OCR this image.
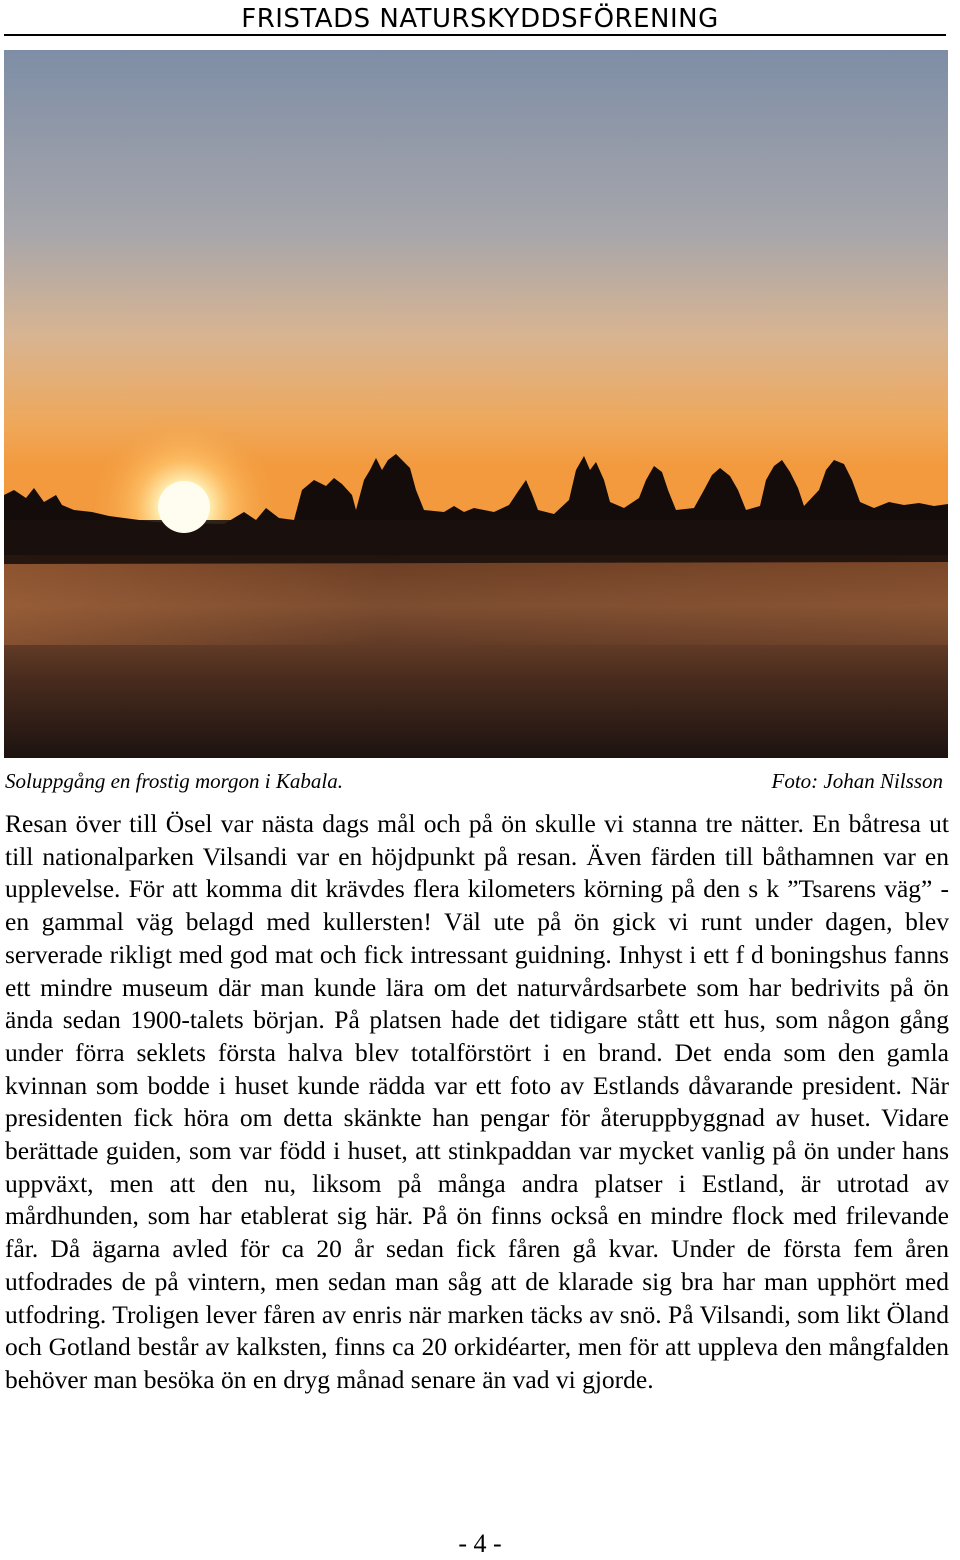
FRISTADS NATURSKYDDSFÖRENING
Soluppgång en frostig morgon i Kabala.	Foto: Johan Nilsson

Resan över till Ösel var nästa dags mål och på ön skulle vi stanna tre nätter. En båtresa ut till nationalparken Vilsandi var en höjdpunkt på resan. Även färden till båthamnen var en upplevelse. För att komma dit krävdes flera kilometers körning på den s k ”Tsarens väg” - en gammal väg belagd med kullersten! Väl ute på ön gick vi runt under dagen, blev serverade rikligt med god mat och fick intressant guidning. Inhyst i ett f d boningshus fanns ett mindre museum där man kunde lära om det naturvårdsarbete som har bedrivits på ön ända sedan 1900-talets början. På platsen hade det tidigare stått ett hus, som någon gång under förra seklets första halva blev totalförstört i en brand. Det enda som den gamla kvinnan som bodde i huset kunde rädda var ett foto av Estlands dåvarande president. När presidenten fick höra om detta skänkte han pengar för återuppbyggnad av huset. Vidare berättade guiden, som var född i huset, att stinkpaddan var mycket vanlig på ön under hans uppväxt, men att den nu, liksom på många andra platser i Estland, är utrotad av mårdhunden, som har etablerat sig här. På ön finns också en mindre flock med frilevande får. Då ägarna avled för ca 20 år sedan fick fåren gå kvar. Under de första fem åren utfodrades de på vintern, men sedan man såg att de klarade sig bra har man upphört med utfodring. Troligen lever fåren av enris när marken täcks av snö. På Vilsandi, som likt Öland och Gotland består av kalksten, finns ca 20 orkidéarter, men för att uppleva den mångfalden behöver man besöka ön en dryg månad senare än vad vi gjorde.

- 4 -
